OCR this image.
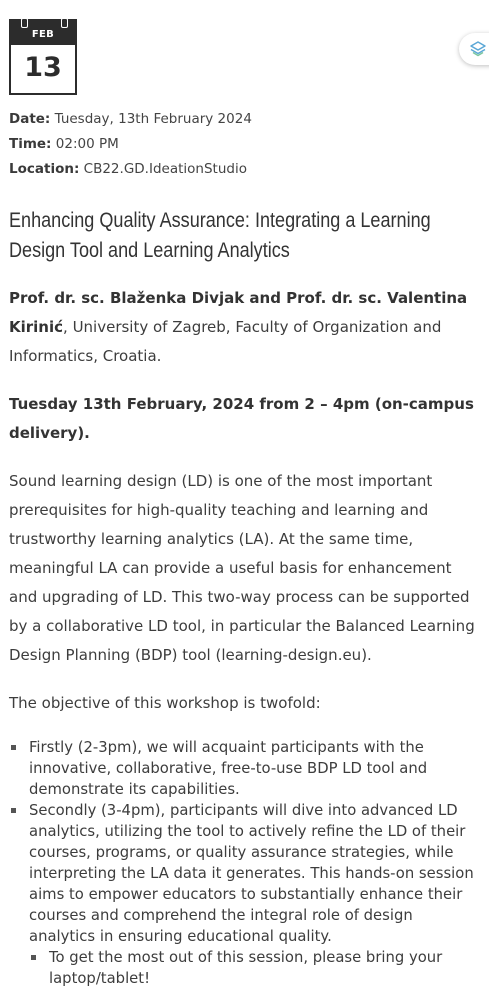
FEB
13
Date: Tuesday, 13th February 2024
Time: 02:00 PM
Location: CB22.GD.IdeationStudio
Enhancing Quality Assurance: Integrating a Learning Design Tool and Learning Analytics

Prof. dr. sc. Blaženka Divjak and Prof. dr. sc. Valentina Kirinić, University of Zagreb, Faculty of Organization and Informatics, Croatia.

Tuesday 13th February, 2024 from 2 – 4pm (on-campus delivery).

Sound learning design (LD) is one of the most important prerequisites for high-quality teaching and learning and trustworthy learning analytics (LA). At the same time, meaningful LA can provide a useful basis for enhancement and upgrading of LD. This two-way process can be supported by a collaborative LD tool, in particular the Balanced Learning Design Planning (BDP) tool (learning-design.eu).

The objective of this workshop is twofold:

Firstly (2-3pm), we will acquaint participants with the innovative, collaborative, free-to-use BDP LD tool and demonstrate its capabilities.
Secondly (3-4pm), participants will dive into advanced LD analytics, utilizing the tool to actively refine the LD of their courses, programs, or quality assurance strategies, while interpreting the LA data it generates. This hands-on session aims to empower educators to substantially enhance their courses and comprehend the integral role of design analytics in ensuring educational quality.
To get the most out of this session, please bring your laptop/tablet!
